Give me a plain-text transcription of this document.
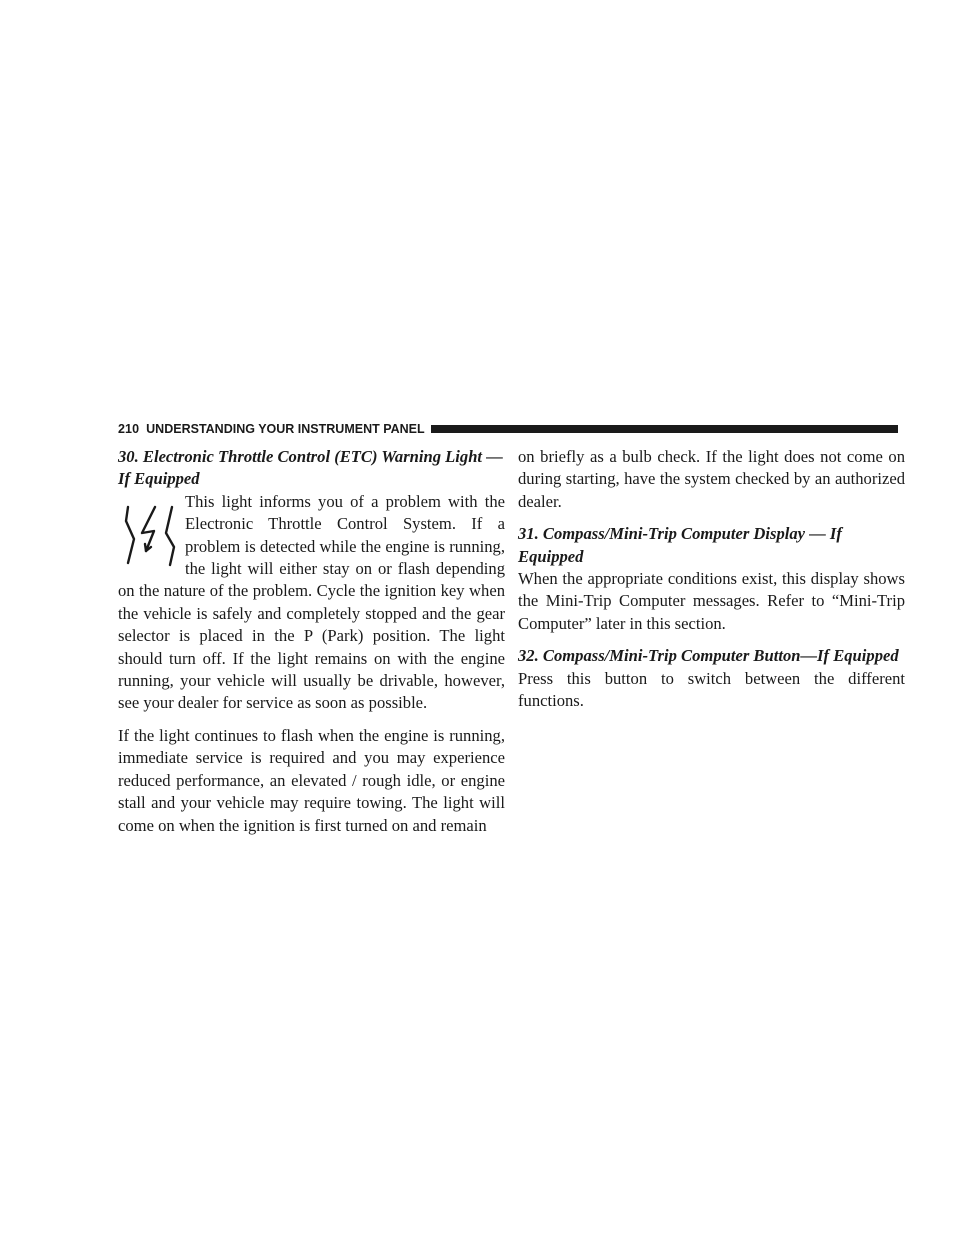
210 UNDERSTANDING YOUR INSTRUMENT PANEL

30. Electronic Throttle Control (ETC) Warning Light — If Equipped

This light informs you of a problem with the Electronic Throttle Control System. If a problem is detected while the engine is running, the light will either stay on or flash depending on the nature of the problem. Cycle the ignition key when the vehicle is safely and completely stopped and the gear selector is placed in the P (Park) position. The light should turn off. If the light remains on with the engine running, your vehicle will usually be drivable, however, see your dealer for service as soon as possible.

If the light continues to flash when the engine is running, immediate service is required and you may experience reduced performance, an elevated / rough idle, or engine stall and your vehicle may require towing. The light will come on when the ignition is first turned on and remain

on briefly as a bulb check. If the light does not come on during starting, have the system checked by an authorized dealer.

31. Compass/Mini-Trip Computer Display — If Equipped

When the appropriate conditions exist, this display shows the Mini-Trip Computer messages. Refer to “Mini-Trip Computer” later in this section.

32. Compass/Mini-Trip Computer Button—If Equipped

Press this button to switch between the different functions.
